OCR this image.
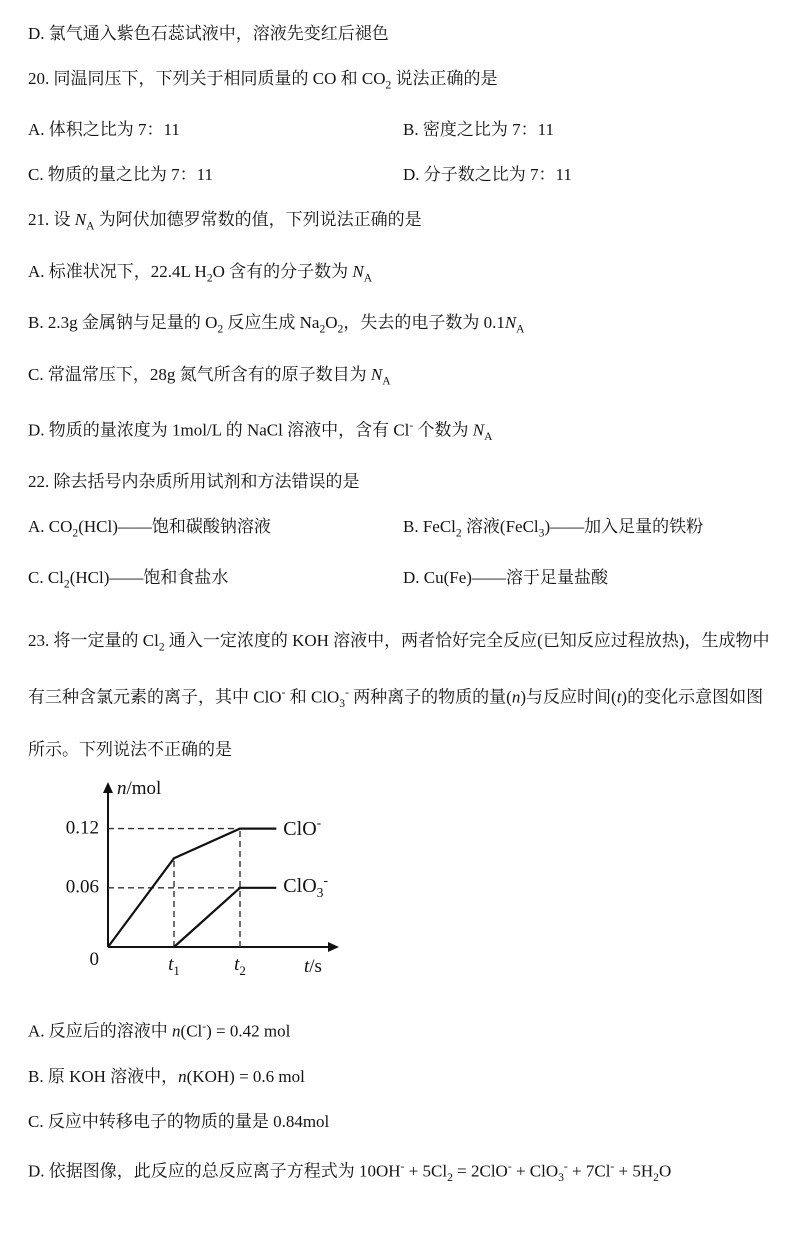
D. 氯气通入紫色石蕊试液中，溶液先变红后褪色
20. 同温同压下，下列关于相同质量的 CO 和 $CO_2$ 说法正确的是
A. 体积之比为 7：11	B. 密度之比为 7：11
C. 物质的量之比为 7：11	D. 分子数之比为 7：11
21. 设 $N_A$ 为阿伏加德罗常数的值，下列说法正确的是
A. 标准状况下，22.4L $H_2O$ 含有的分子数为 $N_A$
B. 2.3g 金属钠与足量的 $O_2$ 反应生成 $Na_2O_2$，失去的电子数为 $0.1N_A$
C. 常温常压下，28g 氮气所含有的原子数目为 $N_A$
D. 物质的量浓度为 1mol/L 的 NaCl 溶液中，含有 Cl- 个数为 $N_A$
22. 除去括号内杂质所用试剂和方法错误的是
A. $CO_2(HCl)——$饱和碳酸钠溶液	B. FeCl$_2$ 溶液(FeCl$_3$)——加入足量的铁粉
C. $Cl_2(HCl)——$饱和食盐水	D. Cu(Fe)——溶于足量盐酸
23. 将一定量的 $Cl_2$ 通入一定浓度的 KOH 溶液中，两者恰好完全反应(已知反应过程放热)，生成物中有三种含氯元素的离子，其中 ClO- 和 ClO$_3$- 两种离子的物质的量(n)与反应时间(t)的变化示意图如图所示。下列说法不正确的是
ClO-
ClO$_3$-
n/mol
0.12
0.06
0	$t_1$	$t_2$	t/s
A. 反应后的溶液中 n(Cl-) = 0.42 mol
B. 原 KOH 溶液中，n(KOH) = 0.6 mol
C. 反应中转移电子的物质的量是 0.84mol
D. 依据图像，此反应的总反应离子方程式为 $10OH^- + 5Cl_2 = 2ClO^- + ClO_3^- + 7Cl^- + 5H_2O$
